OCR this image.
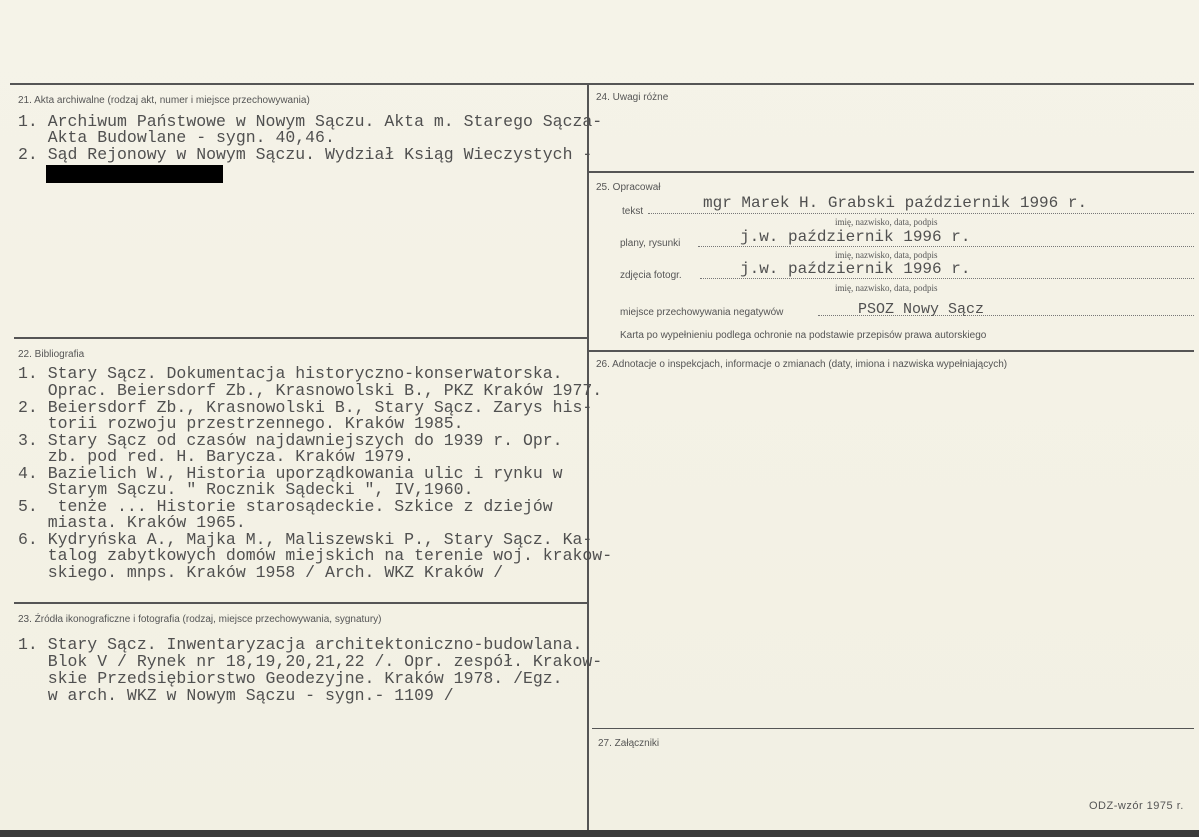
21. Akta archiwalne (rodzaj akt, numer i miejsce przechowywania)
1. Archiwum Państwowe w Nowym Sączu. Akta m. Starego Sącza-
Akta Budowlane - sygn. 40,46.
2. Sąd Rejonowy w Nowym Sączu. Wydział Ksiąg Wieczystych -
22. Bibliografia
1. Stary Sącz. Dokumentacja historyczno-konserwatorska.
Oprac. Beiersdorf Zb., Krasnowolski B., PKZ Kraków 1977.
2. Beiersdorf Zb., Krasnowolski B., Stary Sącz. Zarys his-
torii rozwoju przestrzennego. Kraków 1985.
3. Stary Sącz od czasów najdawniejszych do 1939 r. Opr.
zb. pod red. H. Barycza. Kraków 1979.
4. Bazielich W., Historia uporządkowania ulic i rynku w
Starym Sączu. " Rocznik Sądecki ", IV,1960.
5.  tenże ... Historie starosądeckie. Szkice z dziejów
miasta. Kraków 1965.
6. Kydryńska A., Majka M., Maliszewski P., Stary Sącz. Ka-
talog zabytkowych domów miejskich na terenie woj. krakow-
skiego. mnps. Kraków 1958 / Arch. WKZ Kraków /
23. Źródła ikonograficzne i fotografia (rodzaj, miejsce przechowywania, sygnatury)
1. Stary Sącz. Inwentaryzacja architektoniczno-budowlana.
Blok V / Rynek nr 18,19,20,21,22 /. Opr. zespół. Krakow-
skie Przedsiębiorstwo Geodezyjne. Kraków 1978. /Egz.
w arch. WKZ w Nowym Sączu - sygn.- 1109 /
24. Uwagi różne
25. Opracował
tekst	mgr Marek H. Grabski październik 1996 r.
imię, nazwisko, data, podpis
plany, rysunki	j.w. październik 1996 r.
imię, nazwisko, data, podpis
zdjęcia fotogr.	j.w. październik 1996 r.
imię, nazwisko, data, podpis
miejsce przechowywania negatywów	PSOZ Nowy Sącz
Karta po wypełnieniu podlega ochronie na podstawie przepisów prawa autorskiego
26. Adnotacje o inspekcjach, informacje o zmianach (daty, imiona i nazwiska wypełniających)
27. Załączniki
ODZ-wzór 1975 r.
